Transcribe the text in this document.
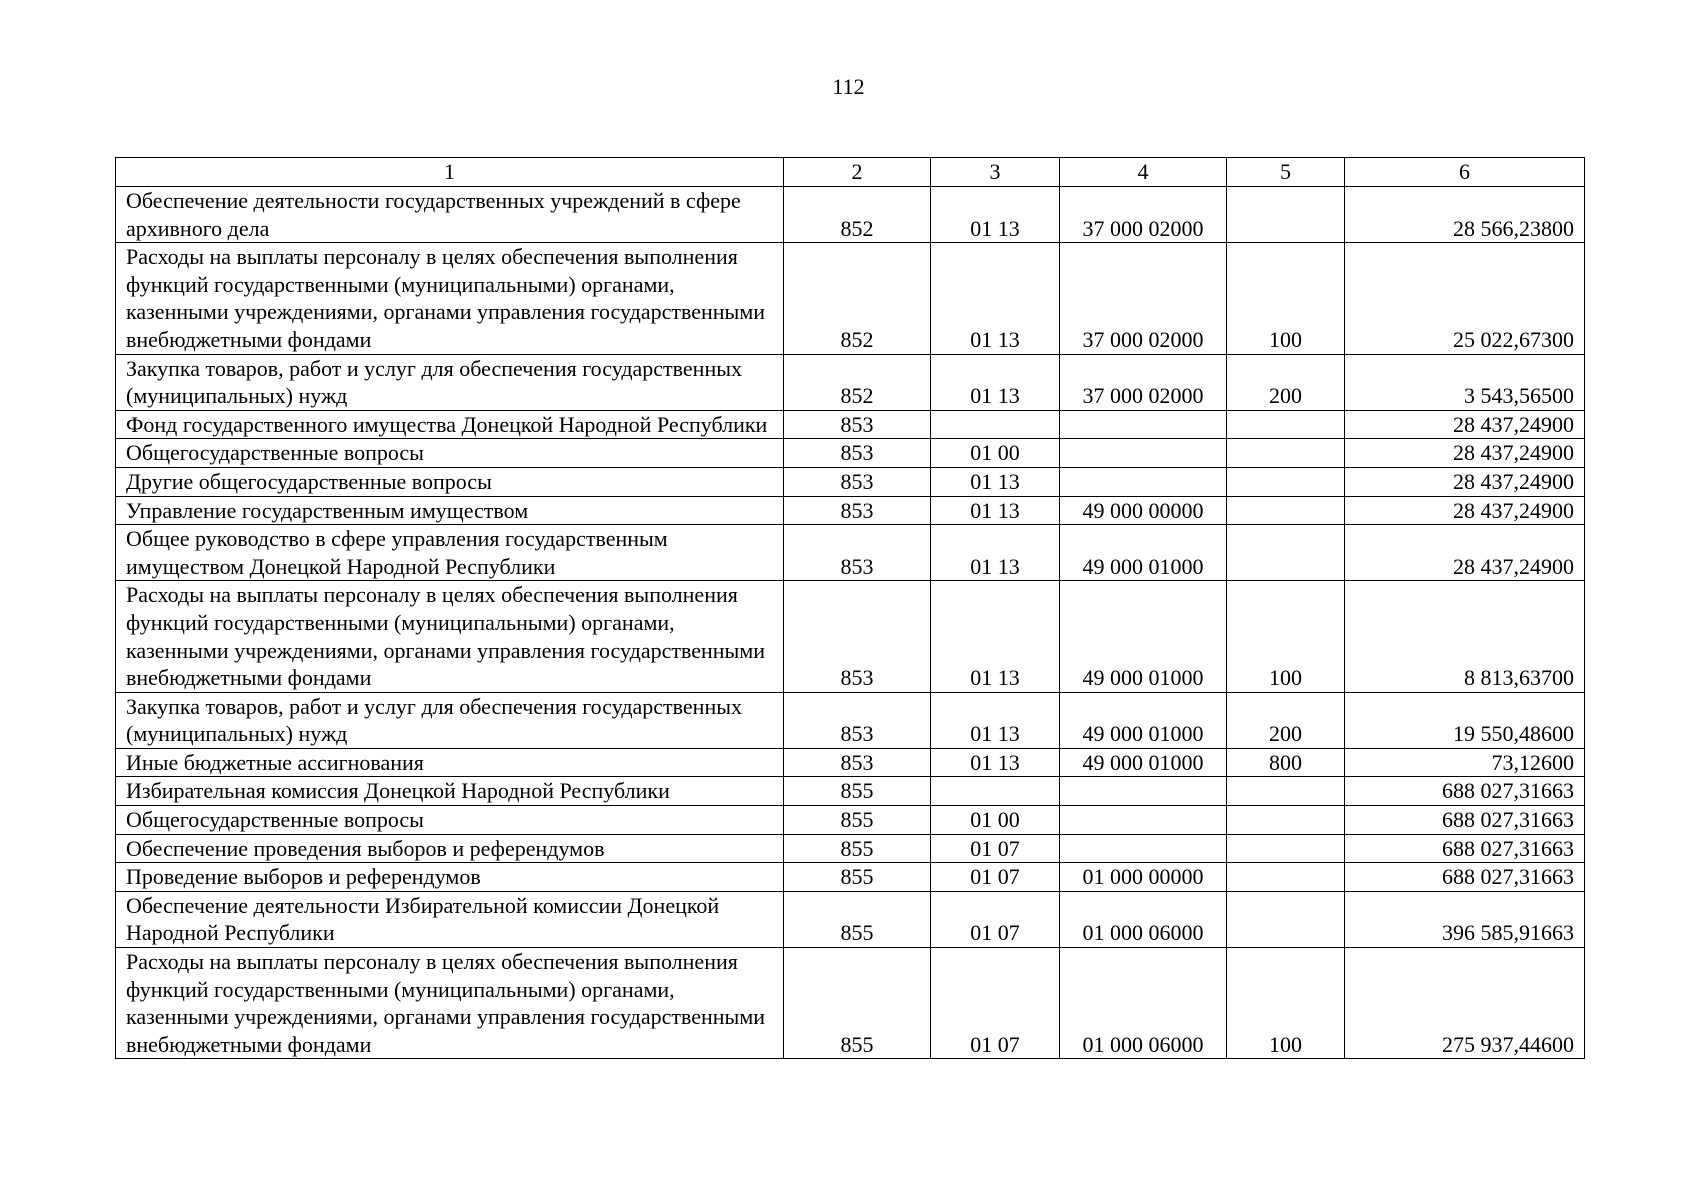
112
1	2	3	4	5	6
Обеспечение деятельности государственных учреждений в сфере архивного дела	852	01 13	37 000 02000		28 566,23800
Расходы на выплаты персоналу в целях обеспечения выполнения функций государственными (муниципальными) органами, казенными учреждениями, органами управления государственными внебюджетными фондами	852	01 13	37 000 02000	100	25 022,67300
Закупка товаров, работ и услуг для обеспечения государственных (муниципальных) нужд	852	01 13	37 000 02000	200	3 543,56500
Фонд государственного имущества Донецкой Народной Республики	853				28 437,24900
Общегосударственные вопросы	853	01 00			28 437,24900
Другие общегосударственные вопросы	853	01 13			28 437,24900
Управление государственным имуществом	853	01 13	49 000 00000		28 437,24900
Общее руководство в сфере управления государственным имуществом Донецкой Народной Республики	853	01 13	49 000 01000		28 437,24900
Расходы на выплаты персоналу в целях обеспечения выполнения функций государственными (муниципальными) органами, казенными учреждениями, органами управления государственными внебюджетными фондами	853	01 13	49 000 01000	100	8 813,63700
Закупка товаров, работ и услуг для обеспечения государственных (муниципальных) нужд	853	01 13	49 000 01000	200	19 550,48600
Иные бюджетные ассигнования	853	01 13	49 000 01000	800	73,12600
Избирательная комиссия Донецкой Народной Республики	855				688 027,31663
Общегосударственные вопросы	855	01 00			688 027,31663
Обеспечение проведения выборов и референдумов	855	01 07			688 027,31663
Проведение выборов и референдумов	855	01 07	01 000 00000		688 027,31663
Обеспечение деятельности Избирательной комиссии Донецкой Народной Республики	855	01 07	01 000 06000		396 585,91663
Расходы на выплаты персоналу в целях обеспечения выполнения функций государственными (муниципальными) органами, казенными учреждениями, органами управления государственными внебюджетными фондами	855	01 07	01 000 06000	100	275 937,44600
